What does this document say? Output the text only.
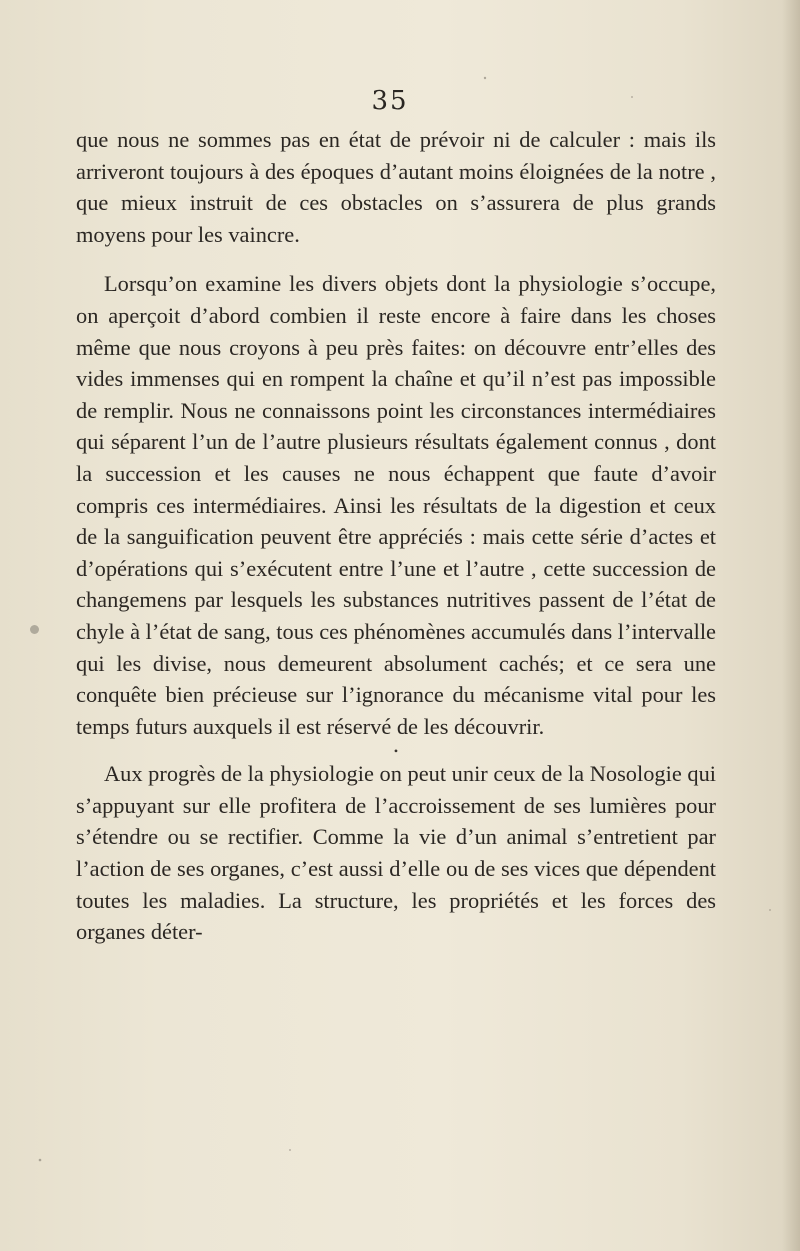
35

que nous ne sommes pas en état de prévoir ni de calculer : mais ils arriveront toujours à des époques d’autant moins éloignées de la notre , que mieux instruit de ces obstacles on s’assurera de plus grands moyens pour les vaincre.

Lorsqu’on examine les divers objets dont la physiologie s’occupe, on aperçoit d’abord combien il reste encore à faire dans les choses même que nous croyons à peu près faites: on découvre entr’elles des vides immenses qui en rompent la chaîne et qu’il n’est pas impossible de remplir. Nous ne connaissons point les circonstances intermédiaires qui séparent l’un de l’autre plusieurs résultats également connus , dont la succession et les causes ne nous échappent que faute d’avoir compris ces intermédiaires. Ainsi les résultats de la digestion et ceux de la sanguification peuvent être appréciés : mais cette série d’actes et d’opérations qui s’exécutent entre l’une et l’autre , cette succession de changemens par lesquels les substances nutritives passent de l’état de chyle à l’état de sang, tous ces phénomènes accumulés dans l’intervalle qui les divise, nous demeurent absolument cachés; et ce sera une conquête bien précieuse sur l’ignorance du mécanisme vital pour les temps futurs auxquels il est réservé de les découvrir.

•

Aux progrès de la physiologie on peut unir ceux de la Nosologie qui s’appuyant sur elle profitera de l’accroissement de ses lumières pour s’étendre ou se rectifier. Comme la vie d’un animal s’entretient par l’action de ses organes, c’est aussi d’elle ou de ses vices que dépendent toutes les maladies. La structure, les propriétés et les forces des organes déter-
